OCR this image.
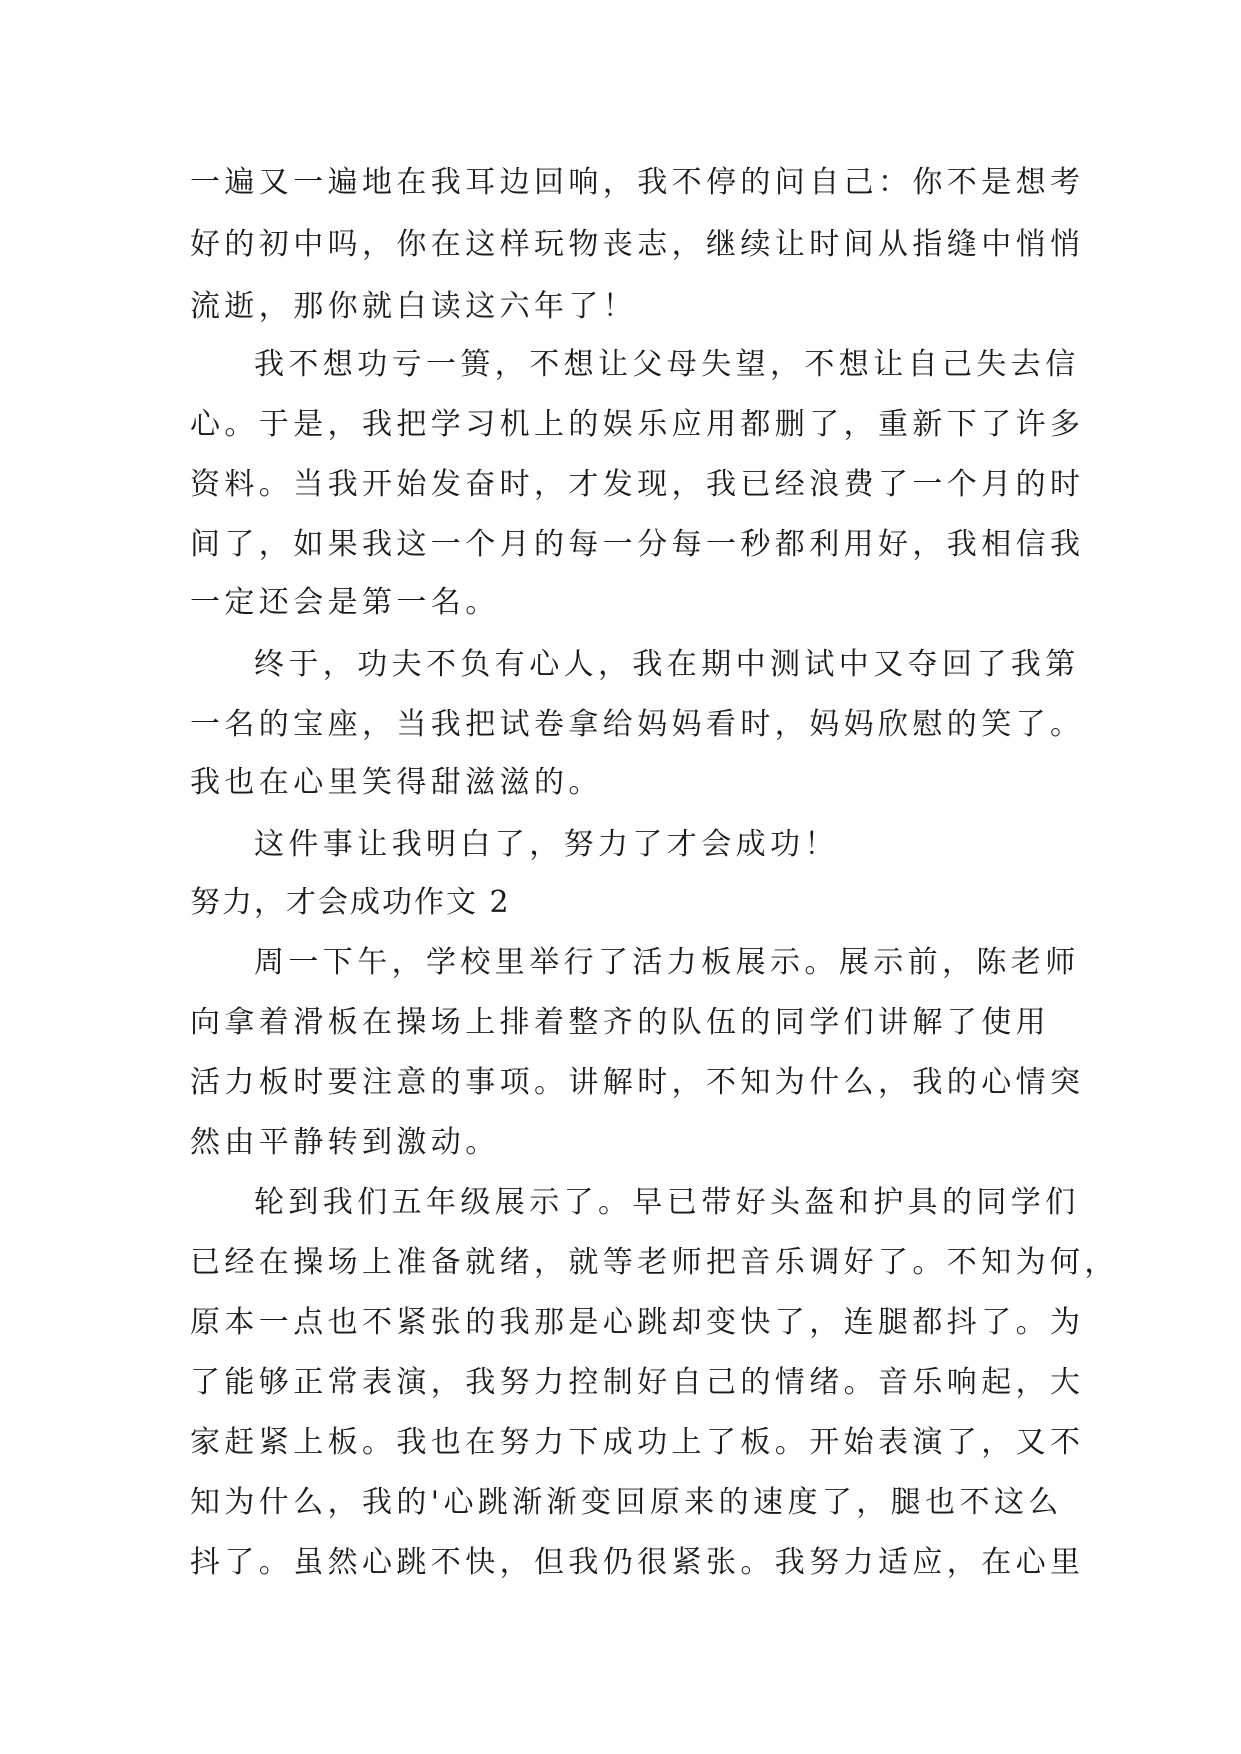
一遍又一遍地在我耳边回响，我不停的问自己：你不是想考
好的初中吗，你在这样玩物丧志，继续让时间从指缝中悄悄
流逝，那你就白读这六年了！
我不想功亏一篑，不想让父母失望，不想让自己失去信
心。于是，我把学习机上的娱乐应用都删了，重新下了许多
资料。当我开始发奋时，才发现，我已经浪费了一个月的时
间了，如果我这一个月的每一分每一秒都利用好，我相信我
一定还会是第一名。
终于，功夫不负有心人，我在期中测试中又夺回了我第
一名的宝座，当我把试卷拿给妈妈看时，妈妈欣慰的笑了。
我也在心里笑得甜滋滋的。
这件事让我明白了，努力了才会成功！
努力，才会成功作文 2
周一下午，学校里举行了活力板展示。展示前，陈老师
向拿着滑板在操场上排着整齐的队伍的同学们讲解了使用
活力板时要注意的事项。讲解时，不知为什么，我的心情突
然由平静转到激动。
轮到我们五年级展示了。早已带好头盔和护具的同学们
已经在操场上准备就绪，就等老师把音乐调好了。不知为何，
原本一点也不紧张的我那是心跳却变快了，连腿都抖了。为
了能够正常表演，我努力控制好自己的情绪。音乐响起，大
家赶紧上板。我也在努力下成功上了板。开始表演了，又不
知为什么，我的'心跳渐渐变回原来的速度了，腿也不这么
抖了。虽然心跳不快，但我仍很紧张。我努力适应，在心里
